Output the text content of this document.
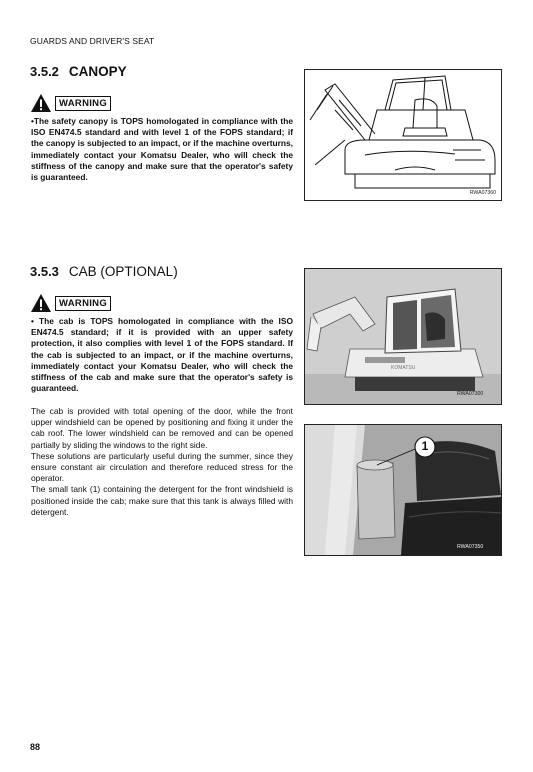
GUARDS AND DRIVER'S SEAT
3.5.2 CANOPY
WARNING

•The safety canopy is TOPS homologated in compliance with the ISO EN474.5 standard and with level 1 of the FOPS standard; if the canopy is subjected to an impact, or if the machine overturns, immediately contact your Komatsu Dealer, who will check the stiffness of the canopy and make sure that the operator's safety is guaranteed.

RWA07360
3.5.3 CAB (OPTIONAL)
WARNING

• The cab is TOPS homologated in compliance with the ISO EN474.5 standard; if it is provided with an upper safety protection, it also complies with level 1 of the FOPS standard. If the cab is subjected to an impact, or if the machine overturns, immediately contact your Komatsu Dealer, who will check the stiffness of the cab and make sure that the operator's safety is guaranteed.

The cab is provided with total opening of the door, while the front upper windshield can be opened by positioning and fixing it under the cab roof. The lower windshield can be removed and can be opened partially by sliding the windows to the right side.
These solutions are particularly useful during the summer, since they ensure constant air circulation and therefore reduced stress for the operator.
The small tank (1) containing the detergent for the front windshield is positioned inside the cab; make sure that this tank is always filled with detergent.
KOMATSU
RWA07300
1
RWA07350
88
